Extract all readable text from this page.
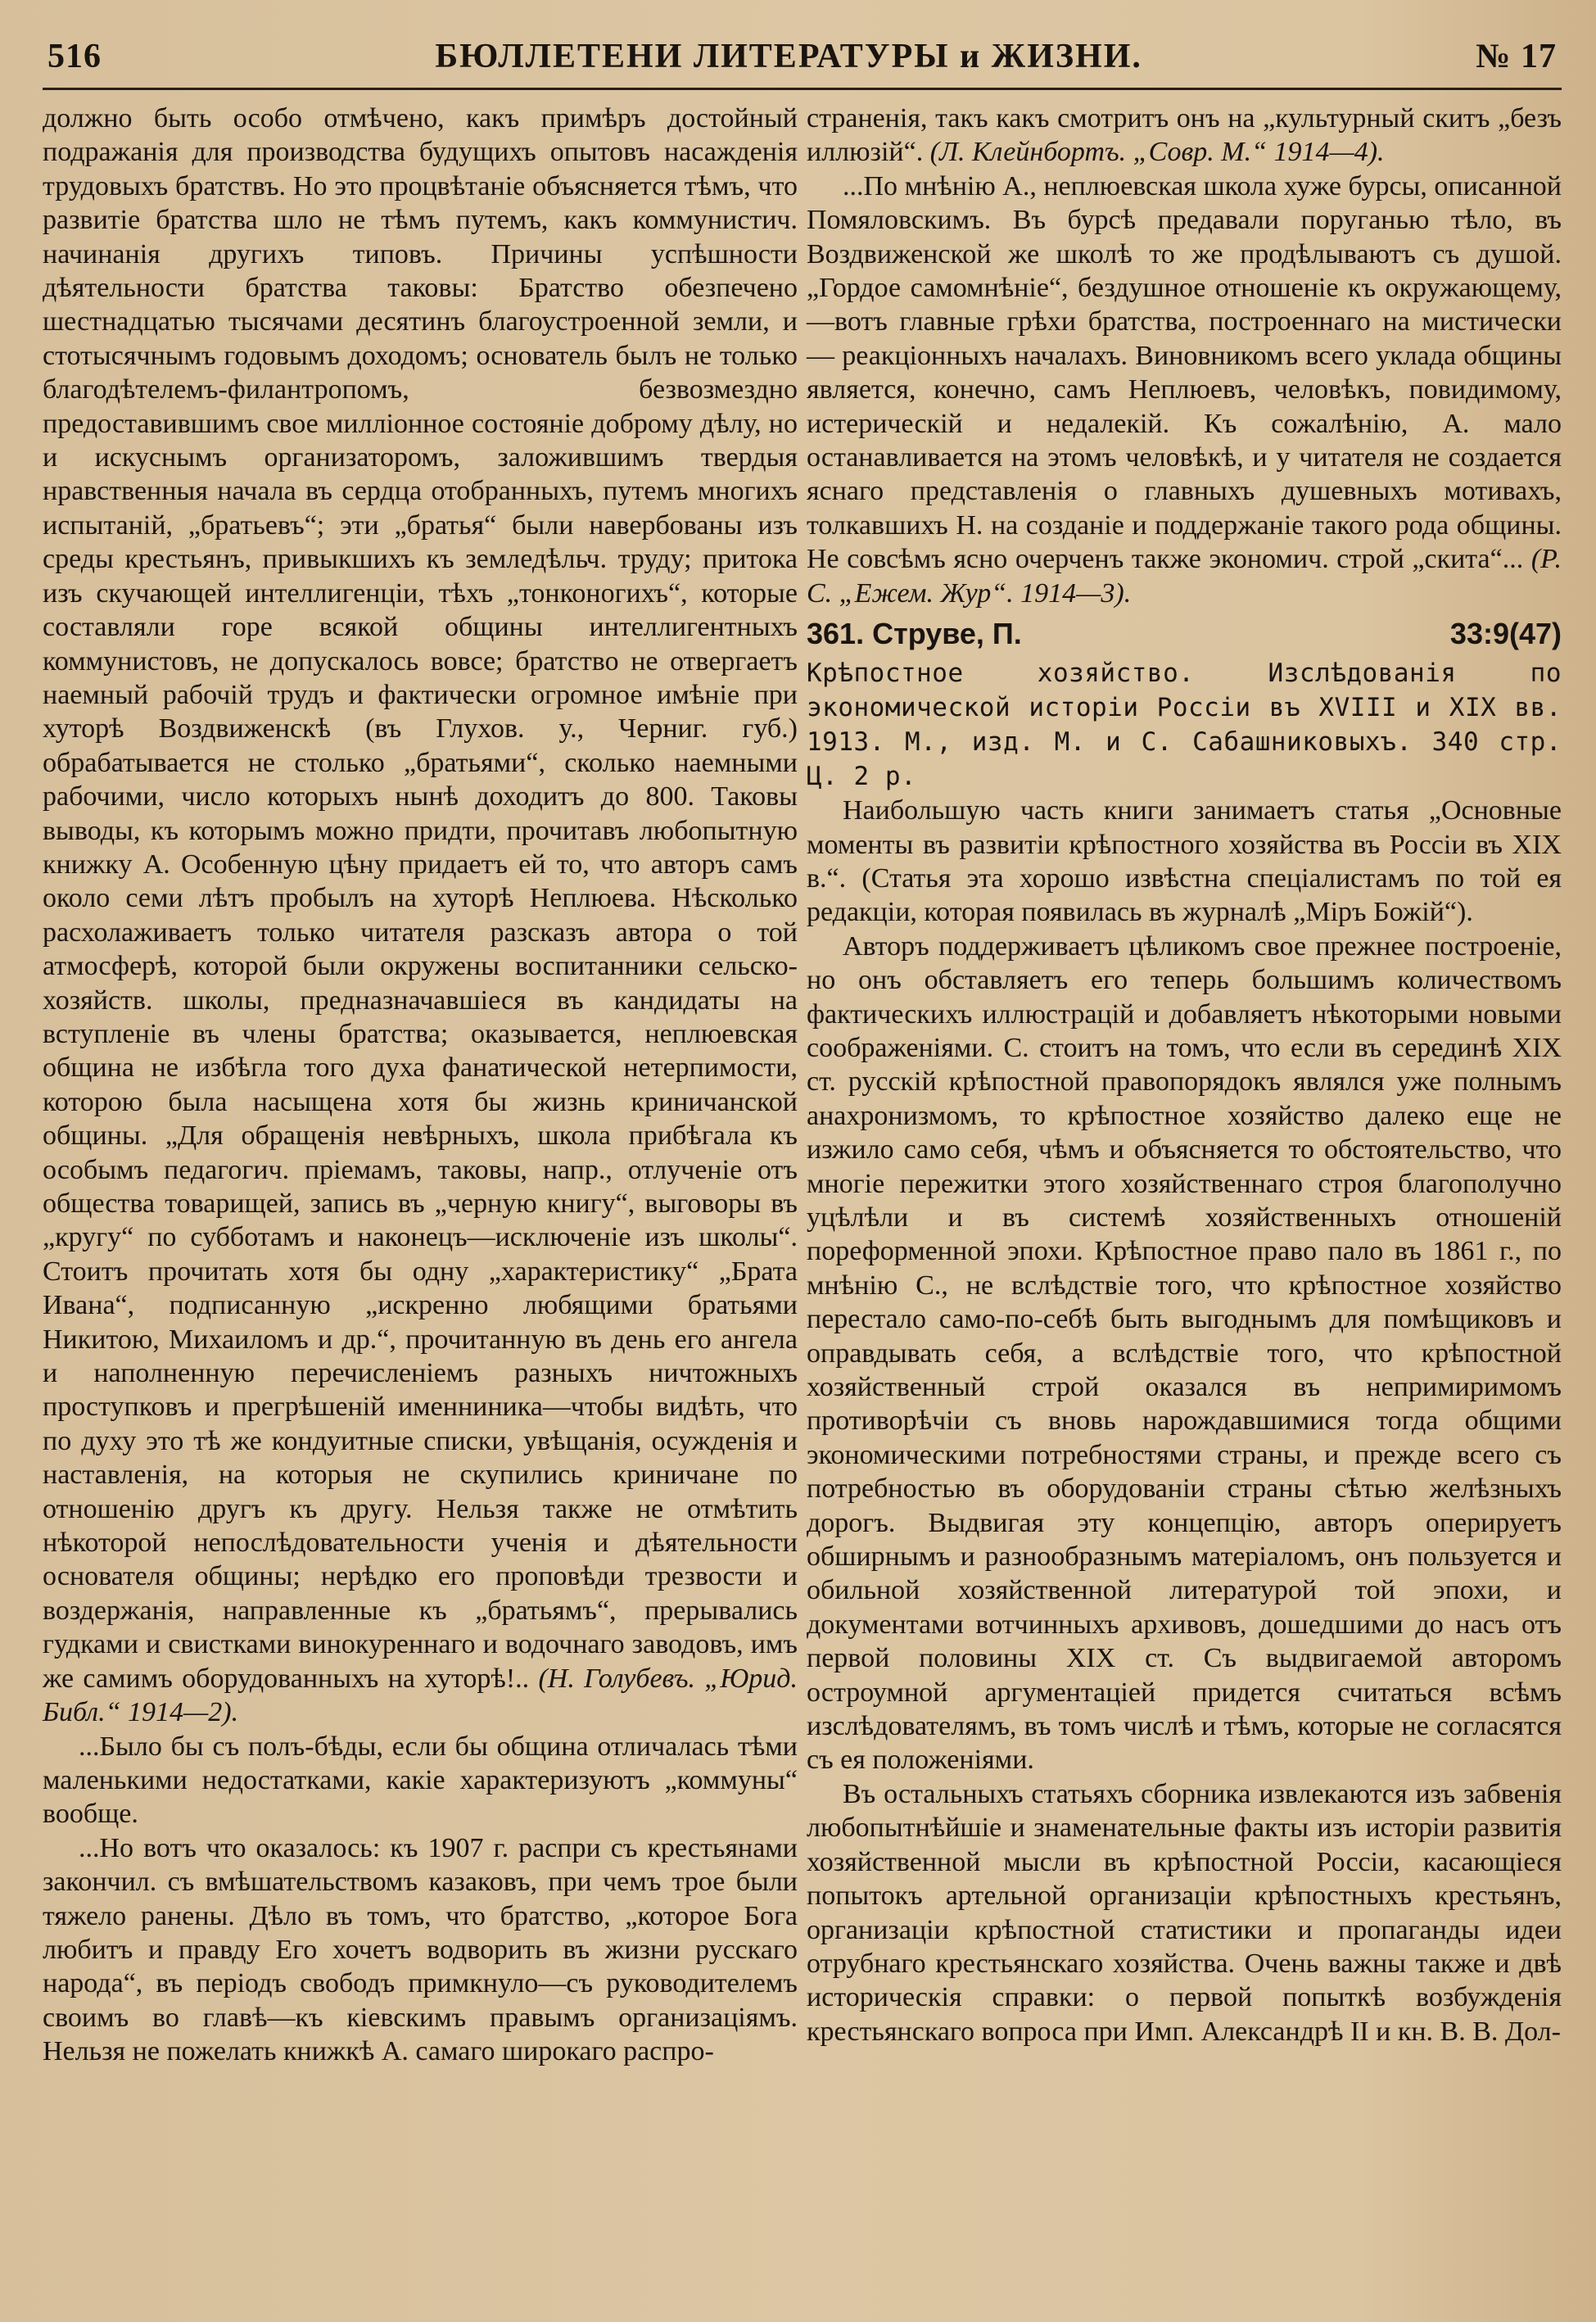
516	БЮЛЛЕТЕНИ ЛИТЕРАТУРЫ и ЖИЗНИ.	№ 17

должно быть особо отмѣчено, какъ примѣръ достойный подражанія для производства будущихъ опытовъ насажденія трудовыхъ братствъ. Но это процвѣтаніе объясняется тѣмъ, что развитіе братства шло не тѣмъ путемъ, какъ коммунистич. начинанія другихъ типовъ. Причины успѣшности дѣятельности братства таковы: Братство обезпечено шестнадцатью тысячами десятинъ благоустроенной земли, и стотысячнымъ годовымъ доходомъ; основатель былъ не только благодѣтелемъ-филантропомъ, безвозмездно предоставившимъ свое милліонное состояніе доброму дѣлу, но и искуснымъ организаторомъ, заложившимъ твердыя нравственныя начала въ сердца отобранныхъ, путемъ многихъ испытаній, „братьевъ“; эти „братья“ были навербованы изъ среды крестьянъ, привыкшихъ къ земледѣльч. труду; притока изъ скучающей интеллигенціи, тѣхъ „тонконогихъ“, которые составляли горе всякой общины интеллигентныхъ коммунистовъ, не допускалось вовсе; братство не отвергаетъ наемный рабочій трудъ и фактически огромное имѣніе при хуторѣ Воздвиженскѣ (въ Глухов. у., Черниг. губ.) обрабатывается не столько „братьями“, сколько наемными рабочими, число которыхъ нынѣ доходитъ до 800. Таковы выводы, къ которымъ можно придти, прочитавъ любопытную книжку А. Особенную цѣну придаетъ ей то, что авторъ самъ около семи лѣтъ пробылъ на хуторѣ Неплюева. Нѣсколько расхолаживаетъ только читателя разсказъ автора о той атмосферѣ, которой были окружены воспитанники сельско-хозяйств. школы, предназначавшіеся въ кандидаты на вступленіе въ члены братства; оказывается, неплюевская община не избѣгла того духа фанатической нетерпимости, которою была насыщена хотя бы жизнь криничанской общины. „Для обращенія невѣрныхъ, школа прибѣгала къ особымъ педагогич. пріемамъ, таковы, напр., отлученіе отъ общества товарищей, запись въ „черную книгу“, выговоры въ „кругу“ по субботамъ и наконецъ—исключеніе изъ школы“. Стоитъ прочитать хотя бы одну „характеристику“ „Брата Ивана“, подписанную „искренно любящими братьями Никитою, Михаиломъ и др.“, прочитанную въ день его ангела и наполненную перечисленіемъ разныхъ ничтожныхъ проступковъ и прегрѣшеній именниника—чтобы видѣть, что по духу это тѣ же кондуитные списки, увѣщанія, осужденія и наставленія, на которыя не скупились криничане по отношенію другъ къ другу. Нельзя также не отмѣтить нѣкоторой непослѣдовательности ученія и дѣятельности основателя общины; нерѣдко его проповѣди трезвости и воздержанія, направленные къ „братьямъ“, прерывались гудками и свистками винокуреннаго и водочнаго заводовъ, имъ же самимъ оборудованныхъ на хуторѣ!.. (Н. Голубевъ. „Юрид. Библ.“ 1914—2).

...Было бы съ полъ-бѣды, если бы община отличалась тѣми маленькими недостатками, какіе характеризуютъ „коммуны“ вообще.

...Но вотъ что оказалось: къ 1907 г. распри съ крестьянами закончил. съ вмѣшательствомъ казаковъ, при чемъ трое были тяжело ранены. Дѣло въ томъ, что братство, „которое Бога любитъ и правду Его хочетъ водворить въ жизни русскаго народа“, въ періодъ свободъ примкнуло—съ руководителемъ своимъ во главѣ—къ кіевскимъ правымъ организаціямъ. Нельзя не пожелать книжкѣ А. самаго широкаго распро-

страненія, такъ какъ смотритъ онъ на „культурный скитъ „безъ иллюзій“. (Л. Клейнбортъ. „Совр. М.“ 1914—4).

...По мнѣнію А., неплюевская школа хуже бурсы, описанной Помяловскимъ. Въ бурсѣ предавали поруганью тѣло, въ Воздвиженской же школѣ то же продѣлываютъ съ душой. „Гордое самомнѣніе“, бездушное отношеніе къ окружающему,—вотъ главные грѣхи братства, построеннаго на мистически — реакціонныхъ началахъ. Виновникомъ всего уклада общины является, конечно, самъ Неплюевъ, человѣкъ, повидимому, истерическій и недалекій. Къ сожалѣнію, А. мало останавливается на этомъ человѣкѣ, и у читателя не создается яснаго представленія о главныхъ душевныхъ мотивахъ, толкавшихъ Н. на созданіе и поддержаніе такого рода общины. Не совсѣмъ ясно очерченъ также экономич. строй „скита“... (Р. С. „Ежем. Жур“. 1914—3).

361. Струве, П.	33:9(47)

Крѣпостное хозяйство. Изслѣдованія по экономической исторіи Россіи въ XVIII и XIX вв. 1913. М., изд. М. и С. Сабашниковыхъ. 340 стр. Ц. 2 р.

Наибольшую часть книги занимаетъ статья „Основные моменты въ развитіи крѣпостного хозяйства въ Россіи въ XIX в.“. (Статья эта хорошо извѣстна спеціалистамъ по той ея редакціи, которая появилась въ журналѣ „Міръ Божій“).

Авторъ поддерживаетъ цѣликомъ свое прежнее построеніе, но онъ обставляетъ его теперь большимъ количествомъ фактическихъ иллюстрацій и добавляетъ нѣкоторыми новыми соображеніями. С. стоитъ на томъ, что если въ серединѣ XIX ст. русскій крѣпостной правопорядокъ являлся уже полнымъ анахронизмомъ, то крѣпостное хозяйство далеко еще не изжило само себя, чѣмъ и объясняется то обстоятельство, что многіе пережитки этого хозяйственнаго строя благополучно уцѣлѣли и въ системѣ хозяйственныхъ отношеній пореформенной эпохи. Крѣпостное право пало въ 1861 г., по мнѣнію С., не вслѣдствіе того, что крѣпостное хозяйство перестало само-по-себѣ быть выгоднымъ для помѣщиковъ и оправдывать себя, а вслѣдствіе того, что крѣпостной хозяйственный строй оказался въ непримиримомъ противорѣчіи съ вновь нарождавшимися тогда общими экономическими потребностями страны, и прежде всего съ потребностью въ оборудованіи страны сѣтью желѣзныхъ дорогъ. Выдвигая эту концепцію, авторъ оперируетъ обширнымъ и разнообразнымъ матеріаломъ, онъ пользуется и обильной хозяйственной литературой той эпохи, и документами вотчинныхъ архивовъ, дошедшими до насъ отъ первой половины XIX ст. Съ выдвигаемой авторомъ остроумной аргументаціей придется считаться всѣмъ изслѣдователямъ, въ томъ числѣ и тѣмъ, которые не согласятся съ ея положеніями.

Въ остальныхъ статьяхъ сборника извлекаются изъ забвенія любопытнѣйшіе и знаменательные факты изъ исторіи развитія хозяйственной мысли въ крѣпостной Россіи, касающіеся попытокъ артельной организаціи крѣпостныхъ крестьянъ, организаціи крѣпостной статистики и пропаганды идеи отрубнаго крестьянскаго хозяйства. Очень важны также и двѣ историческія справки: о первой попыткѣ возбужденія крестьянскаго вопроса при Имп. Александрѣ II и кн. В. В. Дол-
